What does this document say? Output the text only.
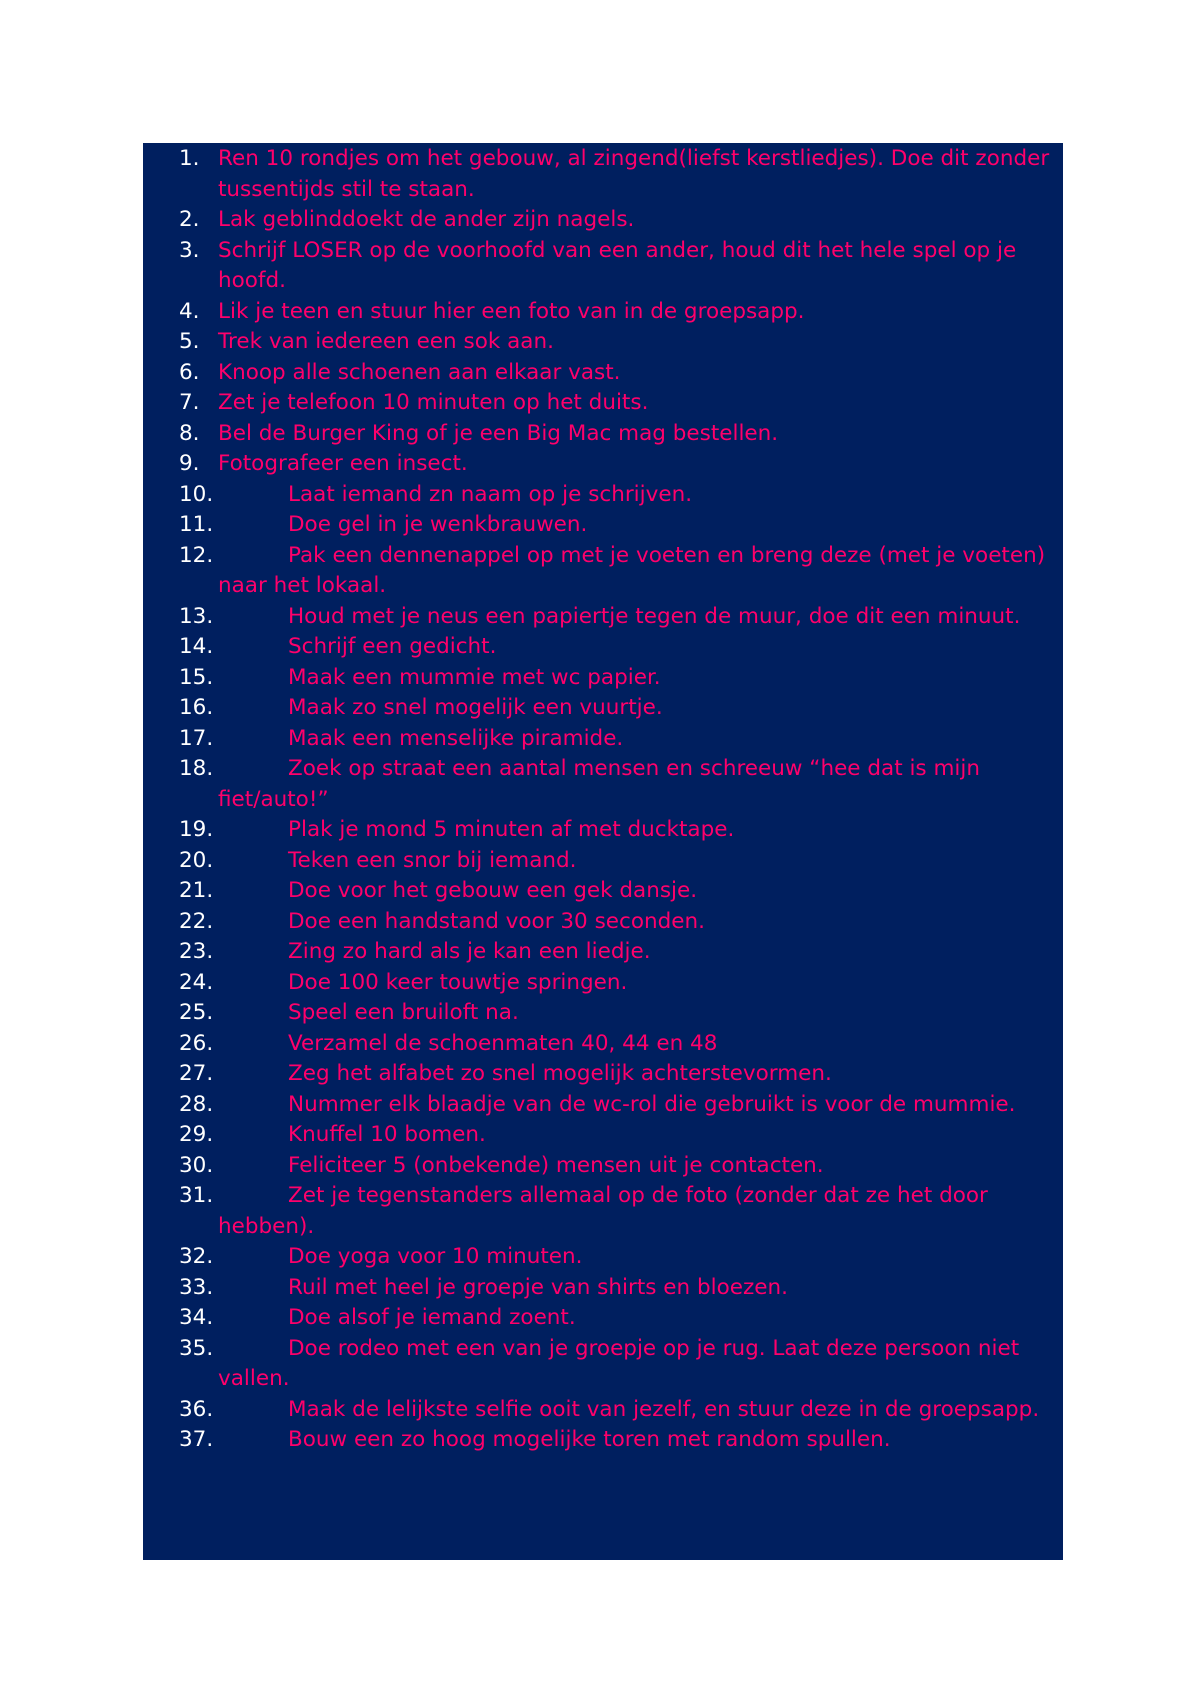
1. Ren 10 rondjes om het gebouw, al zingend(liefst kerstliedjes). Doe dit zonder tussentijds stil te staan.
2. Lak geblinddoekt de ander zijn nagels.
3. Schrijf LOSER op de voorhoofd van een ander, houd dit het hele spel op je hoofd.
4. Lik je teen en stuur hier een foto van in de groepsapp.
5. Trek van iedereen een sok aan.
6. Knoop alle schoenen aan elkaar vast.
7. Zet je telefoon 10 minuten op het duits.
8. Bel de Burger King of je een Big Mac mag bestellen.
9. Fotografeer een insect.
10.	Laat iemand zn naam op je schrijven.
11.	Doe gel in je wenkbrauwen.
12.	Pak een dennenappel op met je voeten en breng deze (met je voeten) naar het lokaal.
13.	Houd met je neus een papiertje tegen de muur, doe dit een minuut.
14.	Schrijf een gedicht.
15.	Maak een mummie met wc papier.
16.	Maak zo snel mogelijk een vuurtje.
17.	Maak een menselijke piramide.
18.	Zoek op straat een aantal mensen en schreeuw “hee dat is mijn fiet/auto!”
19.	Plak je mond 5 minuten af met ducktape.
20.	Teken een snor bij iemand.
21.	Doe voor het gebouw een gek dansje.
22.	Doe een handstand voor 30 seconden.
23.	Zing zo hard als je kan een liedje.
24.	Doe 100 keer touwtje springen.
25.	Speel een bruiloft na.
26.	Verzamel de schoenmaten 40, 44 en 48
27.	Zeg het alfabet zo snel mogelijk achterstevormen.
28.	Nummer elk blaadje van de wc-rol die gebruikt is voor de mummie.
29.	Knuffel 10 bomen.
30.	Feliciteer 5 (onbekende) mensen uit je contacten.
31.	Zet je tegenstanders allemaal op de foto (zonder dat ze het door hebben).
32.	Doe yoga voor 10 minuten.
33.	Ruil met heel je groepje van shirts en bloezen.
34.	Doe alsof je iemand zoent.
35.	Doe rodeo met een van je groepje op je rug. Laat deze persoon niet vallen.
36.	Maak de lelijkste selfie ooit van jezelf, en stuur deze in de groepsapp.
37.	Bouw een zo hoog mogelijke toren met random spullen.
